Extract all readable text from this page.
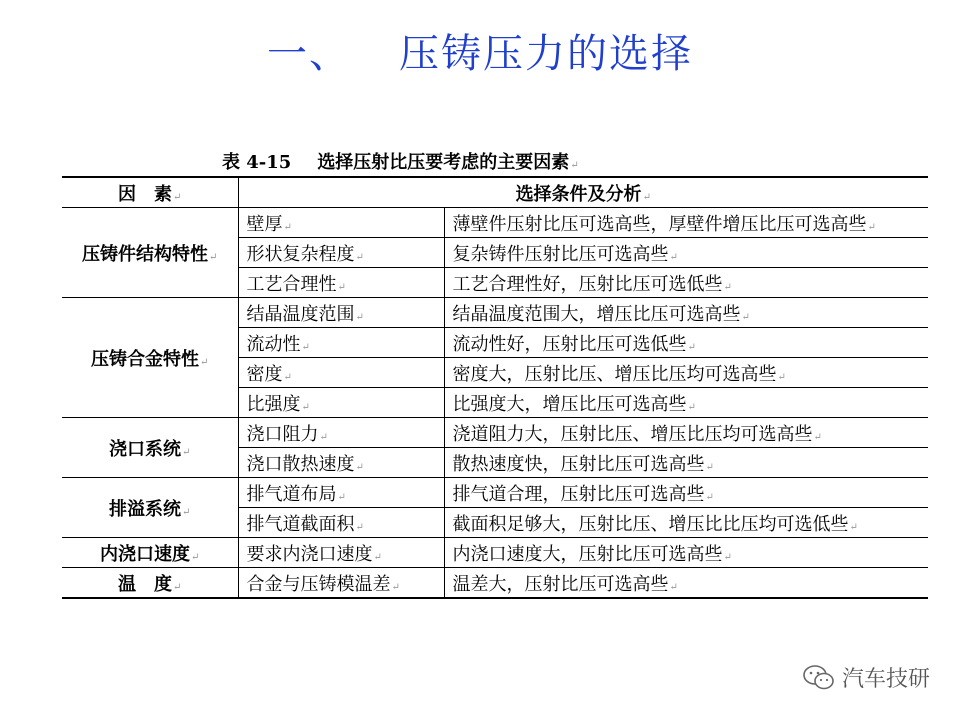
一、 压铸压力的选择
表 4-15 选择压射比压要考虑的主要因素↵
因　素↵	选择条件及分析↵	
压铸件结构特性↵	壁厚↵	薄壁件压射比压可选高些，厚壁件增压比压可选高些↵
	形状复杂程度↵	复杂铸件压射比压可选高些↵
	工艺合理性↵	工艺合理性好，压射比压可选低些↵
压铸合金特性↵	结晶温度范围↵	结晶温度范围大，增压比压可选高些↵
	流动性↵	流动性好，压射比压可选低些↵
	密度↵	密度大，压射比压、增压比压均可选高些↵
	比强度↵	比强度大，增压比压可选高些↵
浇口系统↵	浇口阻力↵	浇道阻力大，压射比压、增压比压均可选高些↵
	浇口散热速度↵	散热速度快，压射比压可选高些↵
排溢系统↵	排气道布局↵	排气道合理，压射比压可选高些↵
	排气道截面积↵	截面积足够大，压射比压、增压比比压均可选低些↵
内浇口速度↵	要求内浇口速度↵	内浇口速度大，压射比压可选高些↵
温　度↵	合金与压铸模温差↵	温差大，压射比压可选高些↵
汽车技研
